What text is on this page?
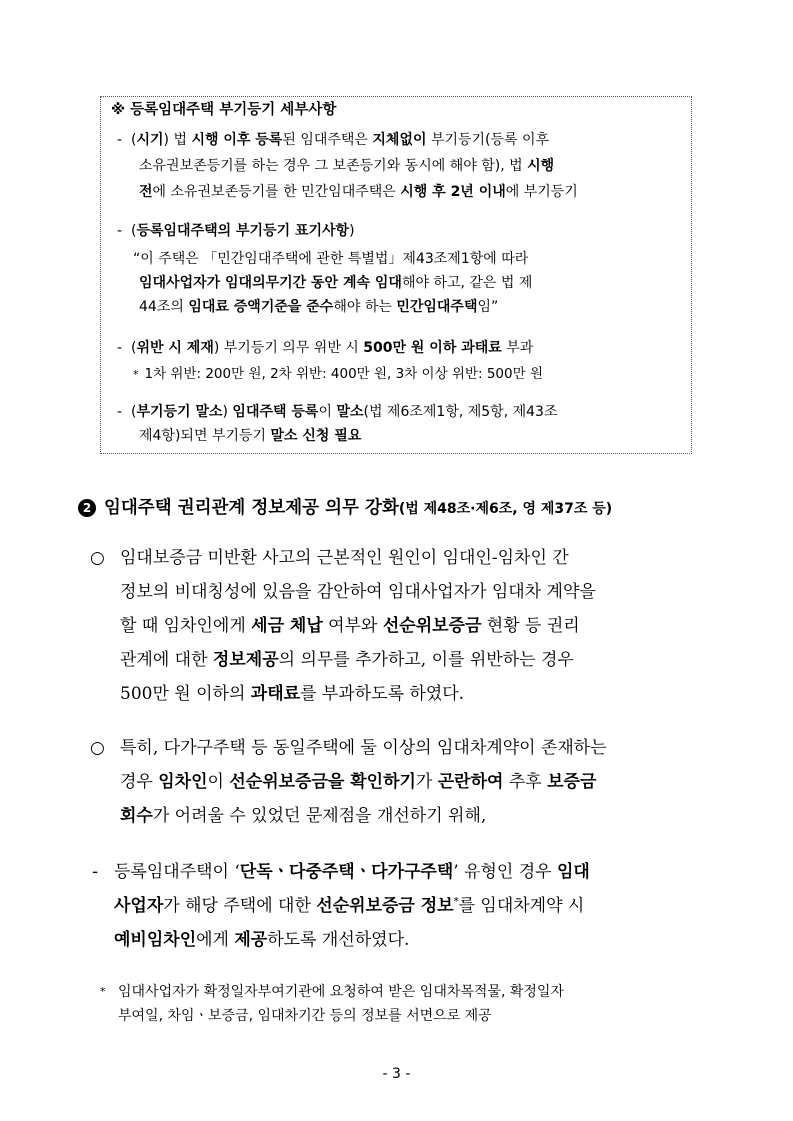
※ 등록임대주택 부기등기 세부사항
- (시기) 법 시행 이후 등록된 임대주택은 지체없이 부기등기(등록 이후
소유권보존등기를 하는 경우 그 보존등기와 동시에 해야 함), 법 시행
전에 소유권보존등기를 한 민간임대주택은 시행 후 2년 이내에 부기등기
- (등록임대주택의 부기등기 표기사항)
“이 주택은 「민간임대주택에 관한 특별법」제43조제1항에 따라
임대사업자가 임대의무기간 동안 계속 임대해야 하고, 같은 법 제
44조의 임대료 증액기준을 준수해야 하는 민간임대주택임”
- (위반 시 제재) 부기등기 의무 위반 시 500만 원 이하 과태료 부과
* 1차 위반: 200만 원, 2차 위반: 400만 원, 3차 이상 위반: 500만 원
- (부기등기 말소) 임대주택 등록이 말소(법 제6조제1항, 제5항, 제43조
제4항)되면 부기등기 말소 신청 필요
2 임대주택 권리관계 정보제공 의무 강화(법 제48조·제6조, 영 제37조 등)
○ 임대보증금 미반환 사고의 근본적인 원인이 임대인-임차인 간
정보의 비대칭성에 있음을 감안하여 임대사업자가 임대차 계약을
할 때 임차인에게 세금 체납 여부와 선순위보증금 현황 등 권리
관계에 대한 정보제공의 의무를 추가하고, 이를 위반하는 경우
500만 원 이하의 과태료를 부과하도록 하였다.
○ 특히, 다가구주택 등 동일주택에 둘 이상의 임대차계약이 존재하는
경우 임차인이 선순위보증금을 확인하기가 곤란하여 추후 보증금
회수가 어려울 수 있었던 문제점을 개선하기 위해,
- 등록임대주택이 ‘단독ㆍ다중주택ㆍ다가구주택’ 유형인 경우 임대
사업자가 해당 주택에 대한 선순위보증금 정보*를 임대차계약 시
예비임차인에게 제공하도록 개선하였다.
* 임대사업자가 확정일자부여기관에 요청하여 받은 임대차목적물, 확정일자
부여일, 차임ㆍ보증금, 임대차기간 등의 정보를 서면으로 제공
- 3 -
